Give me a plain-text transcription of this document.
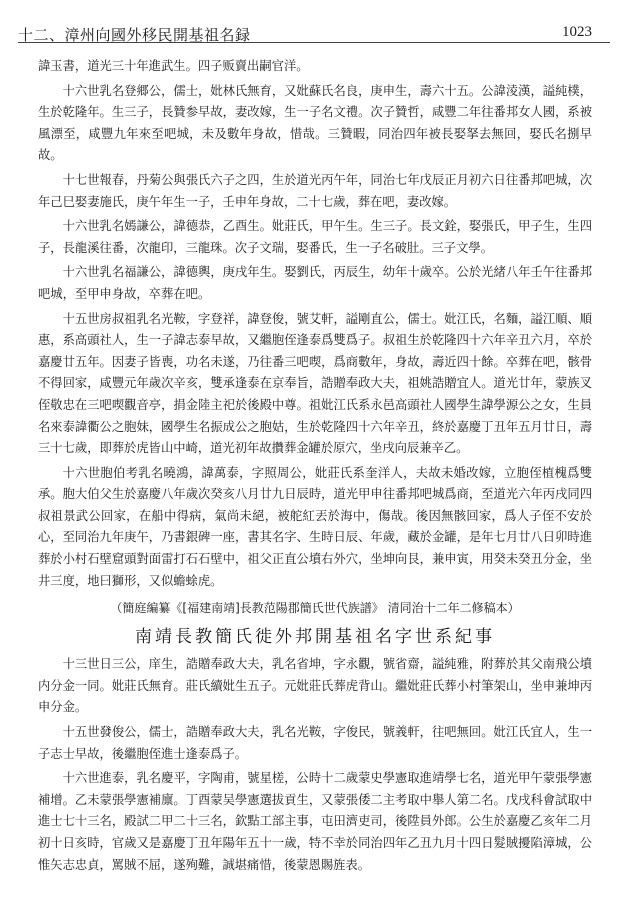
十二、漳州向國外移民開基祖名録	1023

諱玉書，道光三十年進武生。四子贩賣出嗣官洋。

十六世乳名登郷公，儒士，妣林氏無育，又妣蘇氏名良，庚申生，壽六十五。公諱淩漢，謚純樸，生於乾隆年。生三子，長贊参早故，妻改嫁，生一子名文禮。次子贊哲，咸豐二年往番邦女人國，系被風漂至，咸豐九年來至吧城，未及數年身故，惜哉。三贊暇，同治四年被長娶拏去無回，娶氏名捌早故。

十七世報春，丹菊公與張氏六子之四，生於道光丙午年，同治七年戊辰正月初六日往番邦吧城，次年己巳娶妻施氏，庚午年生一子，壬申年身故，二十七歲，葬在吧，妻改嫁。

十六世乳名嫣謙公，諱德恭，乙酉生。妣莊氏，甲午生。生三子。長文銓，娶張氏，甲子生，生四子，長龍溪往番，次龍印，三龍珠。次子文瑞，娶番氏，生一子名破肚。三子文學。

十六世乳名福謙公，諱德輿，庚戌年生。娶劉氏，丙辰生，幼年十歲卒。公於光緒八年壬午往番邦吧城，至甲申身故，卒葬在吧。

十五世房叔祖乳名光鞍，字登祥，諱登俊，號艾軒，謚剛直公，儒士。妣江氏，名麵，謚江順、順惠，系高頭社人，生一子諱志泰早故，又繼胞侄逢泰爲雙爲子。叔祖生於乾隆四十六年辛丑六月，卒於嘉慶廿五年。因妻子皆喪，功名未遂，乃往番三吧喫，爲商數年，身故，壽近四十餘。卒葬在吧，骸骨不得回家，咸豐元年歲次辛亥，雙承逢泰在京奉旨，誥贈奉政大夫，祖姚誥贈宜人。道光廿年，蒙族叉侄敬忠在三吧喫觀音亭，捐金陸主祀於後殿中尊。祖妣江氏系永邑高頭社人國學生諱學源公之女，生員名來泰諱衢公之胞妹，國學生名振成公之胞姑，生於乾隆四十六年辛丑，終於嘉慶丁丑年五月廿日，壽三十七歲，即葬於虎皆山中崎，道光初年故攢葬金罐於原穴，坐戌向辰兼辛乙。

十六世胞伯考乳名曉鴻，諱萬泰，字照周公，妣莊氏系奎洋人，夫故未婚改嫁，立胞侄植槐爲雙承。胞大伯父生於嘉慶八年歲次癸亥八月廿九日辰時，道光甲申往番邦吧城爲商，至道光六年丙戌同四叔祖景武公回家，在船中得病，氣尚未絕，被舵紅丟於海中，傷哉。後因無骸回家，爲人子侄不安於心，至同治九年庚午，乃書銀碑一座，書其名字、生時日辰、年歲，藏於金罐，是年七月廿八日卯時進葬於小村石壁窟頭對面雷打石石壁中，祖父正直公墳右外穴，坐坤向艮，兼申寅，用癸未癸丑分金，坐井三度，地曰獅形，又似蟾蜍虎。

（簡庭編纂《[福建南靖]長教范陽郡簡氏世代族譜》 清同治十二年二修稿本）

南靖長教簡氏徙外邦開基祖名字世系紀事

十三世日三公，庠生，誥贈奉政大夫，乳名省坤，字永觀，號省齋，謚純雅，附葬於其父南飛公墳内分金一同。妣莊氏無育。莊氏續妣生五子。元妣莊氏葬虎背山。繼妣莊氏葬小村筆架山，坐申兼坤丙申分金。

十五世發俊公，儒士，誥贈奉政大夫，乳名光鞍，字俊民，號義軒，往吧無回。妣江氏宜人，生一子志士早故，後繼胞侄進士逢泰爲子。

十六世進泰，乳名慶平，字陶甫，號星槎，公時十二歲蒙史學憲取進靖學七名，道光甲午蒙張學憲補增。乙未蒙張學憲補廪。丁酉蒙吴學憲選拔貢生，又蒙張倭二主考取中舉人第二名。戊戌科會試取中進士七十三名，殿試二甲二十三名，欽點工部主事，屯田濟吏司，後陞員外郎。公生於嘉慶乙亥年二月初十日亥時，官歲又是嘉慶丁丑年陽年五十一歲，特不幸於同治四年乙丑九月十四日髮賊擾陷漳城，公惟矢志忠貞，罵賊不屈，遂殉難，誠堪痛惜，後蒙恩賜旌表。
